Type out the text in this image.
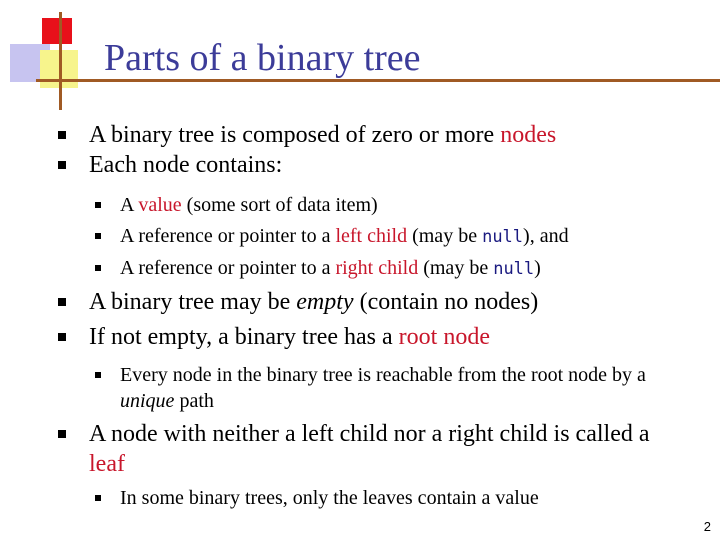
Parts of a binary tree
A binary tree is composed of zero or more nodes
Each node contains:
A value (some sort of data item)
A reference or pointer to a left child (may be null), and
A reference or pointer to a right child (may be null)
A binary tree may be empty (contain no nodes)
If not empty, a binary tree has a root node
Every node in the binary tree is reachable from the root node by a unique path
A node with neither a left child nor a right child is called a leaf
In some binary trees, only the leaves contain a value
2
